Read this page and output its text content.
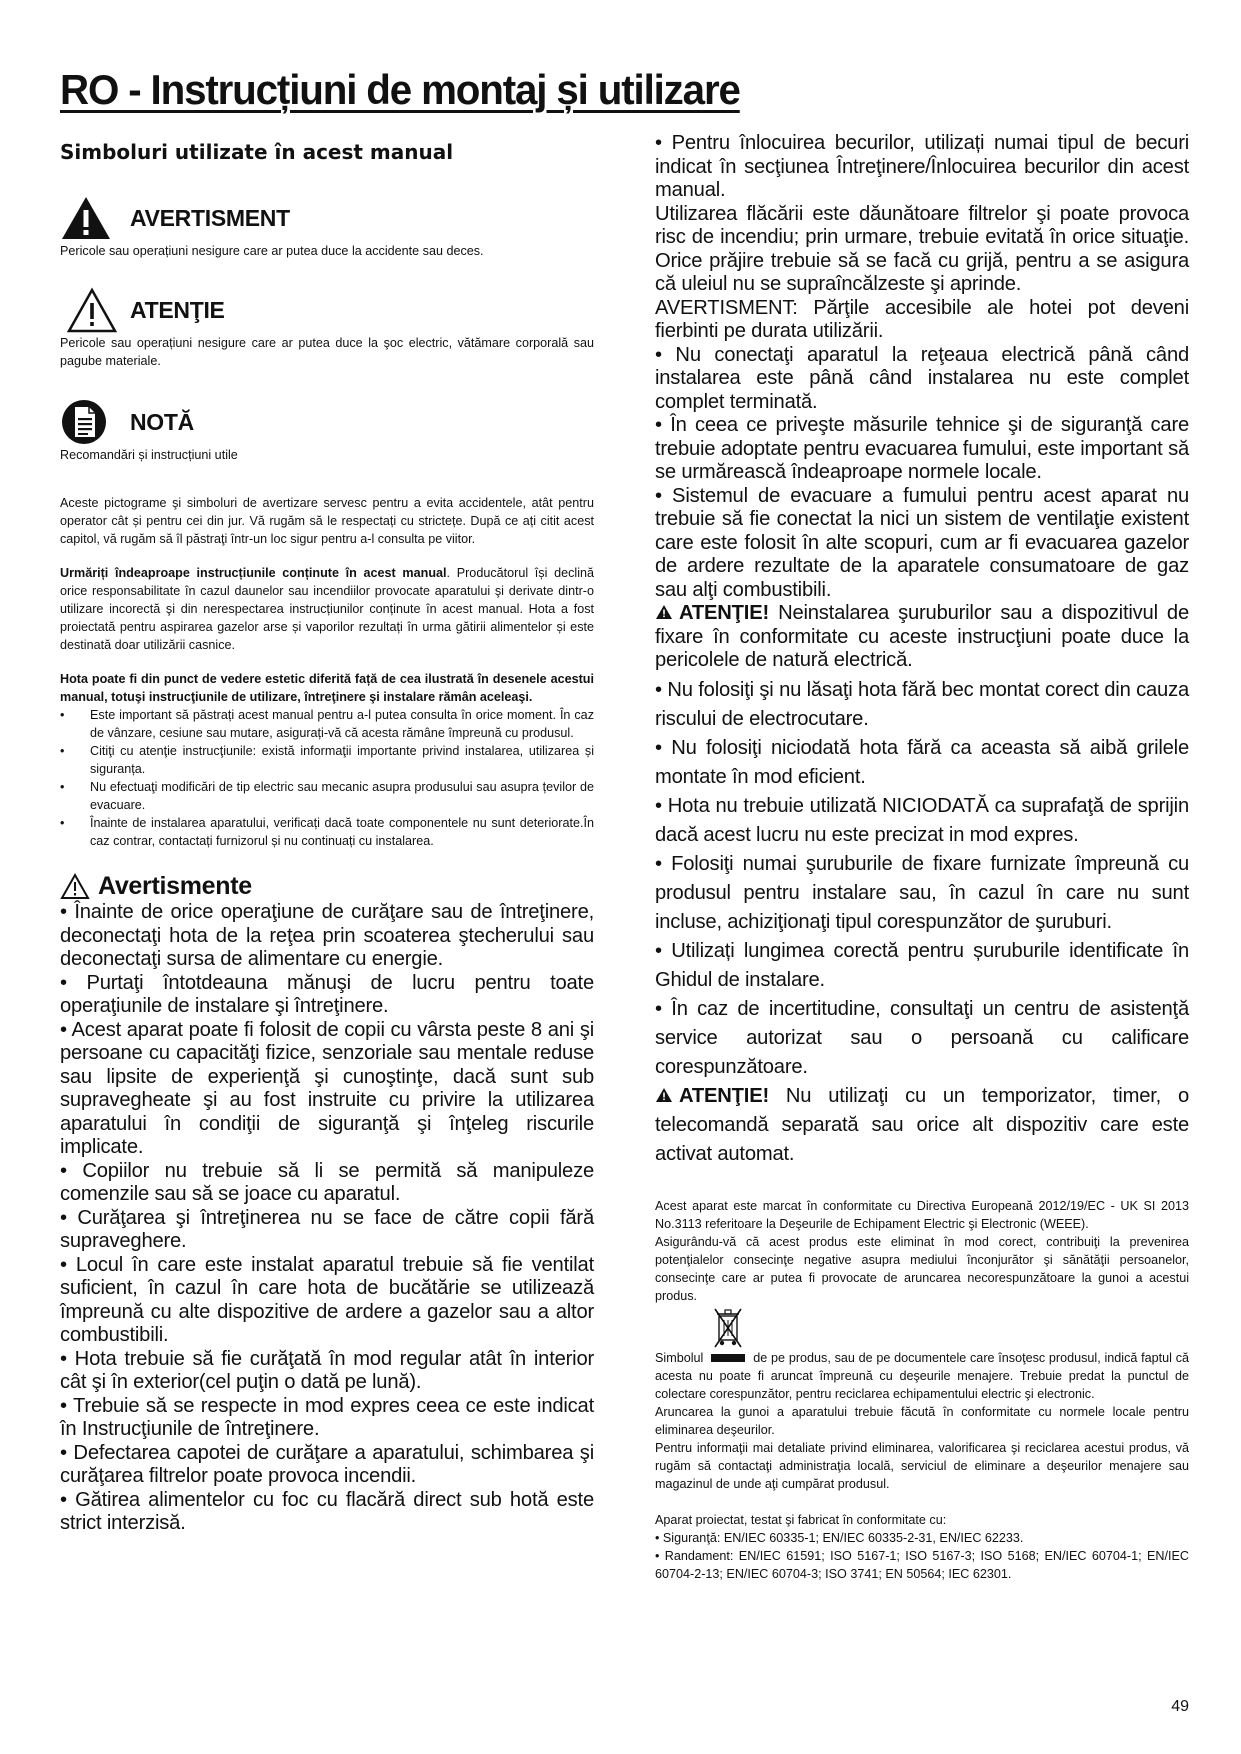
RO - Instrucțiuni de montaj și utilizare
Simboluri utilizate în acest manual
AVERTISMENT
Pericole sau operațiuni nesigure care ar putea duce la accidente sau deces.
ATENŢIE
Pericole sau operațiuni nesigure care ar putea duce la şoc electric, vătămare corporală sau pagube materiale.
NOTĂ
Recomandări și instrucțiuni utile
Aceste pictograme şi simboluri de avertizare servesc pentru a evita accidentele, atât pentru operator cât și pentru cei din jur. Vă rugăm să le respectați cu strictețe. După ce ați citit acest capitol, vă rugăm să îl păstraţi într-un loc sigur pentru a-l consulta pe viitor.
Urmăriți îndeaproape instrucțiunile conținute în acest manual. Producătorul își declină orice responsabilitate în cazul daunelor sau incendiilor provocate aparatului şi derivate dintr-o utilizare incorectă şi din nerespectarea instrucțiunilor conținute în acest manual. Hota a fost proiectată pentru aspirarea gazelor arse și vaporilor rezultați în urma gătirii alimentelor și este destinată doar utilizării casnice.
Hota poate fi din punct de vedere estetic diferită față de cea ilustrată în desenele acestui manual, totuşi instrucţiunile de utilizare, întreţinere şi instalare rămân aceleaşi.
• Este important să păstrați acest manual pentru a-l putea consulta în orice moment. În caz de vânzare, cesiune sau mutare, asigurați-vă că acesta rămâne împreună cu produsul.
• Citiţi cu atenţie instrucţiunile: există informaţii importante privind instalarea, utilizarea și siguranța.
• Nu efectuaţi modificări de tip electric sau mecanic asupra produsului sau asupra țevilor de evacuare.
• Înainte de instalarea aparatului, verificați dacă toate componentele nu sunt deteriorate.În caz contrar, contactați furnizorul și nu continuați cu instalarea.
Avertismente

• Înainte de orice operaţiune de curăţare sau de întreţinere, deconectaţi hota de la reţea prin scoaterea ştecherului sau deconectaţi sursa de alimentare cu energie.

• Purtaţi întotdeauna mănuşi de lucru pentru toate operaţiunile de instalare şi întreţinere.

• Acest aparat poate fi folosit de copii cu vârsta peste 8 ani şi persoane cu capacităţi fizice, senzoriale sau mentale reduse sau lipsite de experienţă şi cunoştinţe, dacă sunt sub supravegheate şi au fost instruite cu privire la utilizarea aparatului în condiţii de siguranţă şi înţeleg riscurile implicate.

• Copiilor nu trebuie să li se permită să manipuleze comenzile sau să se joace cu aparatul.

• Curăţarea şi întreţinerea nu se face de către copii fără supraveghere.

• Locul în care este instalat aparatul trebuie să fie ventilat suficient, în cazul în care hota de bucătărie se utilizează împreună cu alte dispozitive de ardere a gazelor sau a altor combustibili.

• Hota trebuie să fie curăţată în mod regular atât în interior cât şi în exterior(cel puţin o dată pe lună).

• Trebuie să se respecte in mod expres ceea ce este indicat în Instrucţiunile de întreţinere.

• Defectarea capotei de curăţare a aparatului, schimbarea şi curăţarea filtrelor poate provoca incendii.

• Gătirea alimentelor cu foc cu flacără direct sub hotă este strict interzisă.

• Pentru înlocuirea becurilor, utilizați numai tipul de becuri indicat în secţiunea Întreţinere/Înlocuirea becurilor din acest manual.

Utilizarea flăcării este dăunătoare filtrelor şi poate provoca risc de incendiu; prin urmare, trebuie evitată în orice situaţie. Orice prăjire trebuie să se facă cu grijă, pentru a se asigura că uleiul nu se supraîncălzeste şi aprinde.

AVERTISMENT: Părţile accesibile ale hotei pot deveni fierbinti pe durata utilizării.

• Nu conectaţi aparatul la reţeaua electrică până când instalarea este până când instalarea nu este complet complet terminată.

• În ceea ce priveşte măsurile tehnice şi de siguranţă care trebuie adoptate pentru evacuarea fumului, este important să se urmărească îndeaproape normele locale.

• Sistemul de evacuare a fumului pentru acest aparat nu trebuie să fie conectat la nici un sistem de ventilaţie existent care este folosit în alte scopuri, cum ar fi evacuarea gazelor de ardere rezultate de la aparatele consumatoare de gaz sau alţi combustibili.

ATENŢIE! Neinstalarea şuruburilor sau a dispozitivul de fixare în conformitate cu aceste instrucţiuni poate duce la pericolele de natură electrică.

• Nu folosiţi şi nu lăsaţi hota fără bec montat corect din cauza riscului de electrocutare.

• Nu folosiţi niciodată hota fără ca aceasta să aibă grilele montate în mod eficient.

• Hota nu trebuie utilizată NICIODATĂ ca suprafaţă de sprijin dacă acest lucru nu este precizat in mod expres.

• Folosiţi numai şuruburile de fixare furnizate împreună cu produsul pentru instalare sau, în cazul în care nu sunt incluse, achiziţionaţi tipul corespunzător de şuruburi.

• Utilizați lungimea corectă pentru șuruburile identificate în Ghidul de instalare.

• În caz de incertitudine, consultaţi un centru de asistenţă service autorizat sau o persoană cu calificare corespunzătoare.

ATENŢIE! Nu utilizaţi cu un temporizator, timer, o telecomandă separată sau orice alt dispozitiv care este activat automat.

Acest aparat este marcat în conformitate cu Directiva Europeană 2012/19/EC - UK SI 2013 No.3113 referitoare la Deşeurile de Echipament Electric şi Electronic (WEEE).

Asigurându-vă că acest produs este eliminat în mod corect, contribuiţi la prevenirea potenţialelor consecinţe negative asupra mediului înconjurător şi sănătăţii persoanelor, consecinţe care ar putea fi provocate de aruncarea necorespunzătoare la gunoi a acestui produs.

Simbolul	de pe produs, sau de pe documentele care însoţesc produsul, indică faptul că acesta nu poate fi aruncat împreună cu deşeurile menajere. Trebuie predat la punctul de colectare corespunzător, pentru reciclarea echipamentului electric şi electronic.

Aruncarea la gunoi a aparatului trebuie făcută în conformitate cu normele locale pentru eliminarea deşeurilor.

Pentru informaţii mai detaliate privind eliminarea, valorificarea şi reciclarea acestui produs, vă rugăm să contactaţi administraţia locală, serviciul de eliminare a deşeurilor menajere sau magazinul de unde aţi cumpărat produsul.

Aparat proiectat, testat şi fabricat în conformitate cu:

• Siguranţă: EN/IEC 60335-1; EN/IEC 60335-2-31, EN/IEC 62233.

• Randament: EN/IEC 61591; ISO 5167-1; ISO 5167-3; ISO 5168; EN/IEC 60704-1; EN/IEC 60704-2-13; EN/IEC 60704-3; ISO 3741; EN 50564; IEC 62301.

49
